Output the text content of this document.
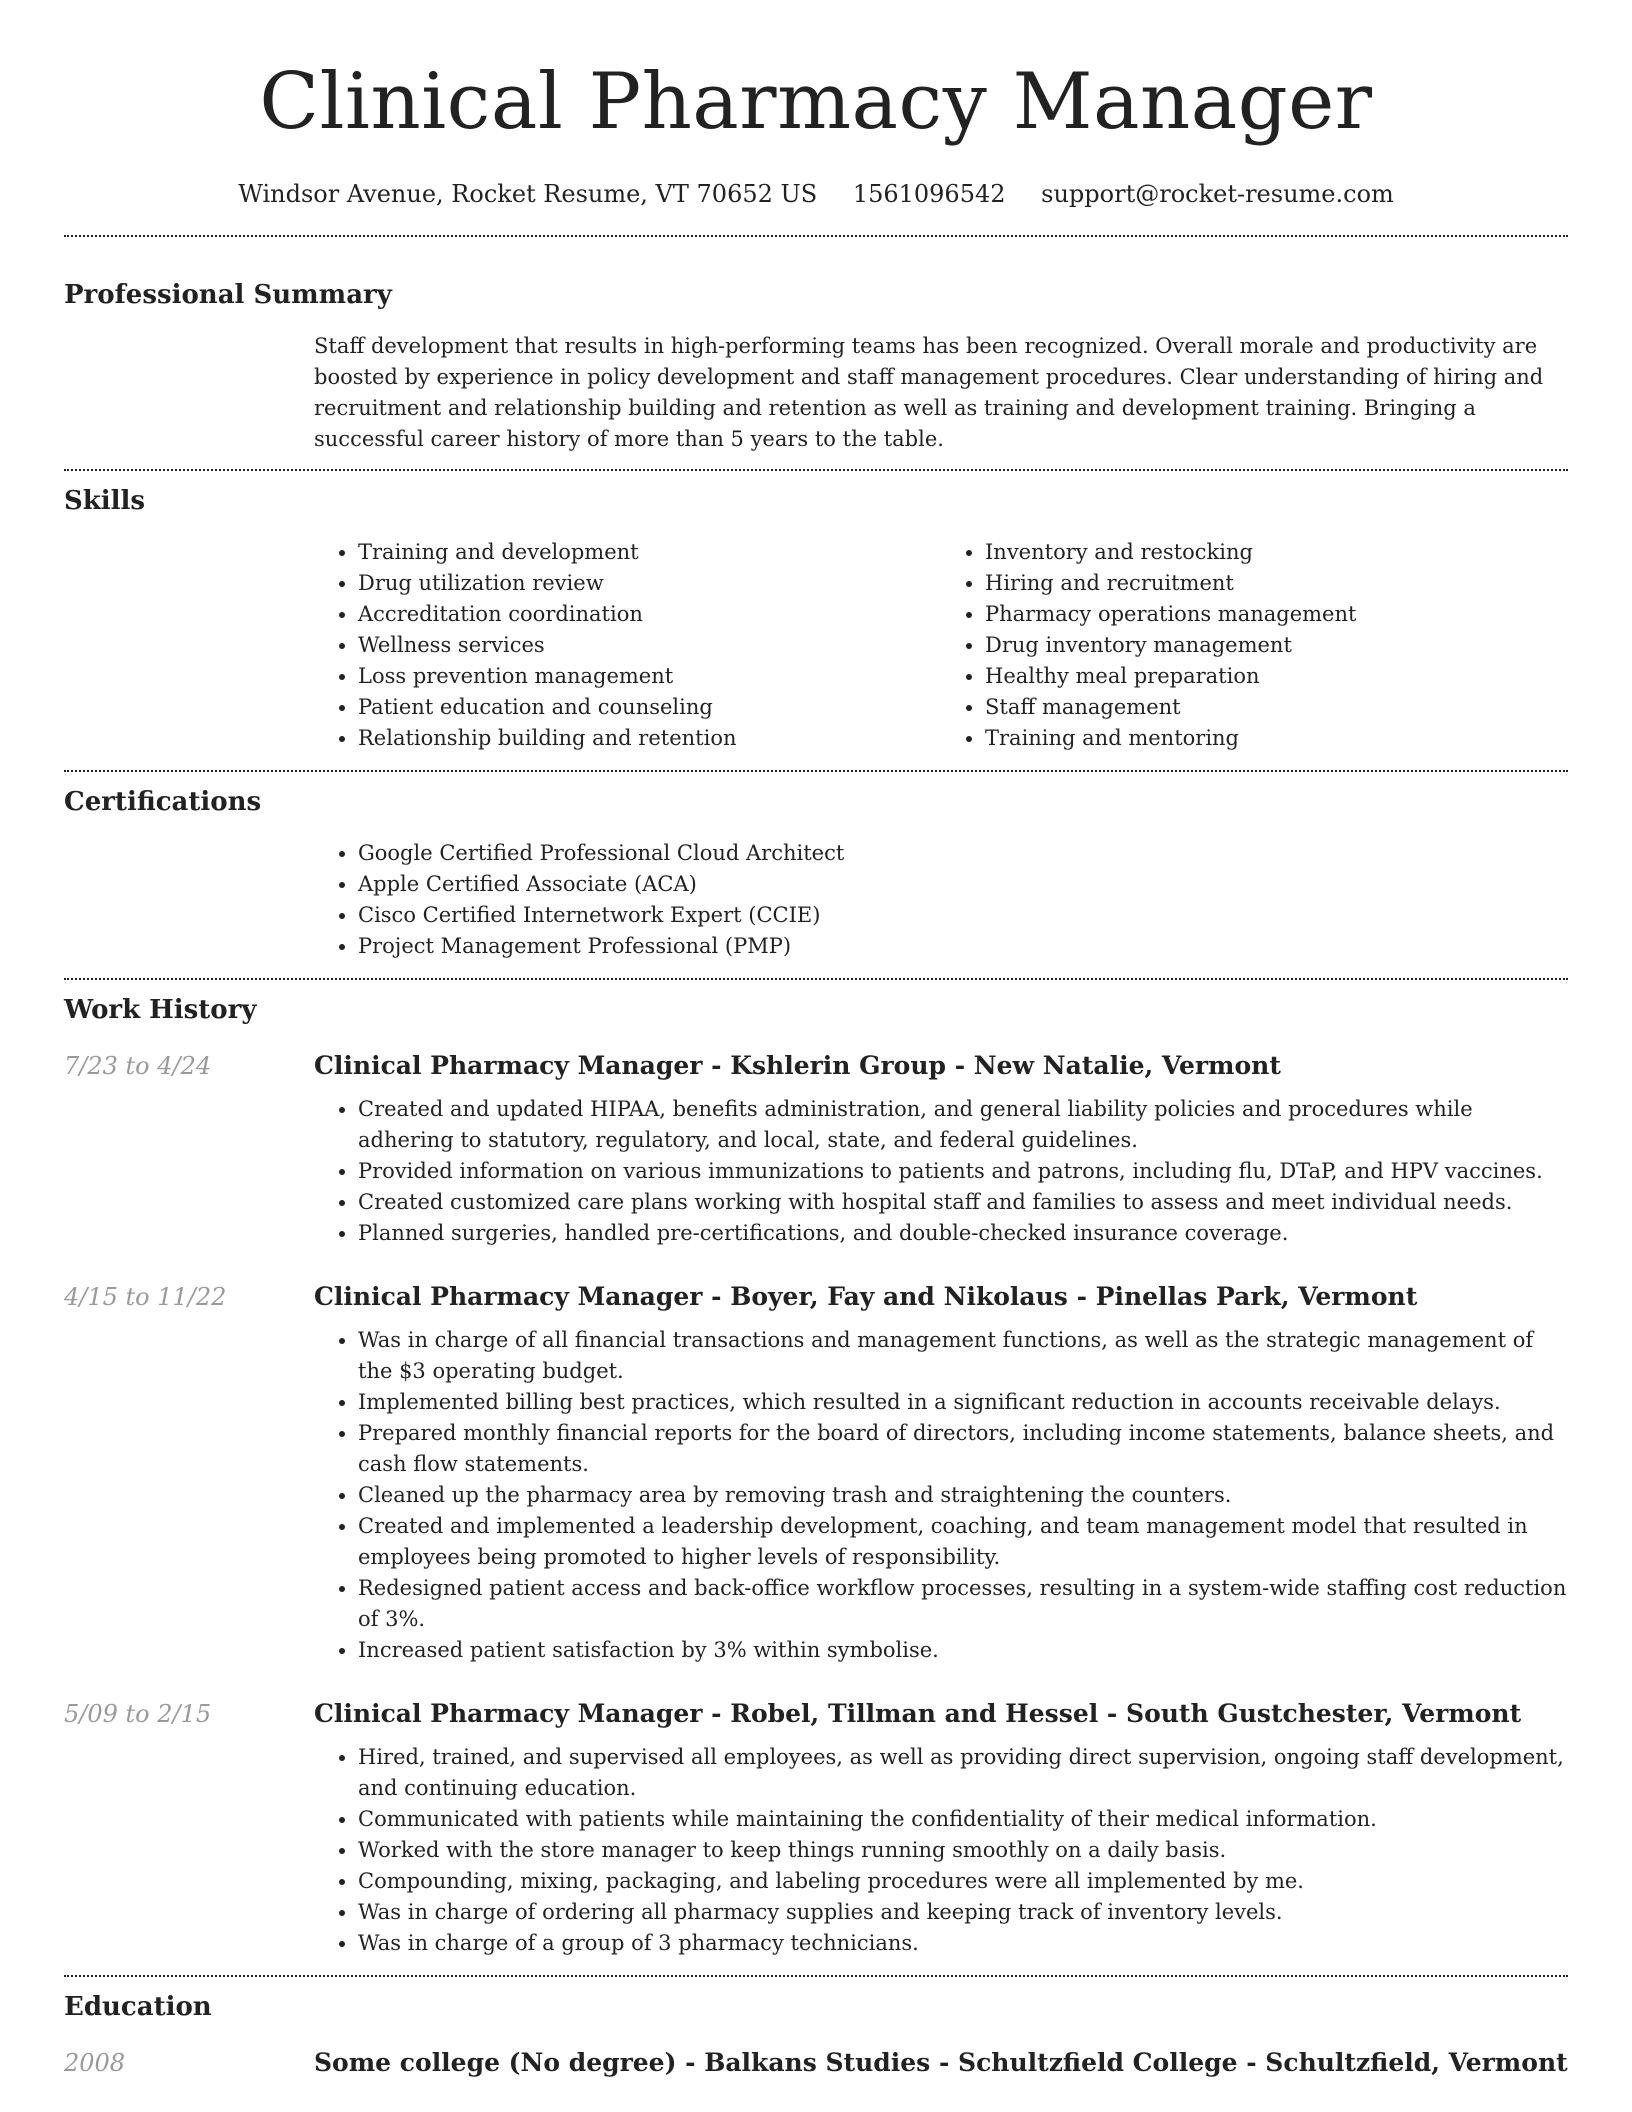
Clinical Pharmacy Manager
Windsor Avenue, Rocket Resume, VT 70652 US 1561096542 support@rocket-resume.com
Professional Summary

Staff development that results in high-performing teams has been recognized. Overall morale and productivity are boosted by experience in policy development and staff management procedures. Clear understanding of hiring and recruitment and relationship building and retention as well as training and development training. Bringing a successful career history of more than 5 years to the table.

Skills
• Training and development
• Drug utilization review
• Accreditation coordination
• Wellness services
• Loss prevention management
• Patient education and counseling
• Relationship building and retention
• Inventory and restocking
• Hiring and recruitment
• Pharmacy operations management
• Drug inventory management
• Healthy meal preparation
• Staff management
• Training and mentoring
Certifications
• Google Certified Professional Cloud Architect
• Apple Certified Associate (ACA)
• Cisco Certified Internetwork Expert (CCIE)
• Project Management Professional (PMP)
Work History
7/23 to 4/24	Clinical Pharmacy Manager - Kshlerin Group - New Natalie, Vermont
• Created and updated HIPAA, benefits administration, and general liability policies and procedures while adhering to statutory, regulatory, and local, state, and federal guidelines.
• Provided information on various immunizations to patients and patrons, including flu, DTaP, and HPV vaccines.
• Created customized care plans working with hospital staff and families to assess and meet individual needs.
• Planned surgeries, handled pre-certifications, and double-checked insurance coverage.
4/15 to 11/22	Clinical Pharmacy Manager - Boyer, Fay and Nikolaus - Pinellas Park, Vermont
• Was in charge of all financial transactions and management functions, as well as the strategic management of the $3 operating budget.
• Implemented billing best practices, which resulted in a significant reduction in accounts receivable delays.
• Prepared monthly financial reports for the board of directors, including income statements, balance sheets, and cash flow statements.
• Cleaned up the pharmacy area by removing trash and straightening the counters.
• Created and implemented a leadership development, coaching, and team management model that resulted in employees being promoted to higher levels of responsibility.
• Redesigned patient access and back-office workflow processes, resulting in a system-wide staffing cost reduction of 3%.
• Increased patient satisfaction by 3% within symbolise.
5/09 to 2/15	Clinical Pharmacy Manager - Robel, Tillman and Hessel - South Gustchester, Vermont
• Hired, trained, and supervised all employees, as well as providing direct supervision, ongoing staff development, and continuing education.
• Communicated with patients while maintaining the confidentiality of their medical information.
• Worked with the store manager to keep things running smoothly on a daily basis.
• Compounding, mixing, packaging, and labeling procedures were all implemented by me.
• Was in charge of ordering all pharmacy supplies and keeping track of inventory levels.
• Was in charge of a group of 3 pharmacy technicians.
Education
2008	Some college (No degree) - Balkans Studies - Schultzfield College - Schultzfield, Vermont
